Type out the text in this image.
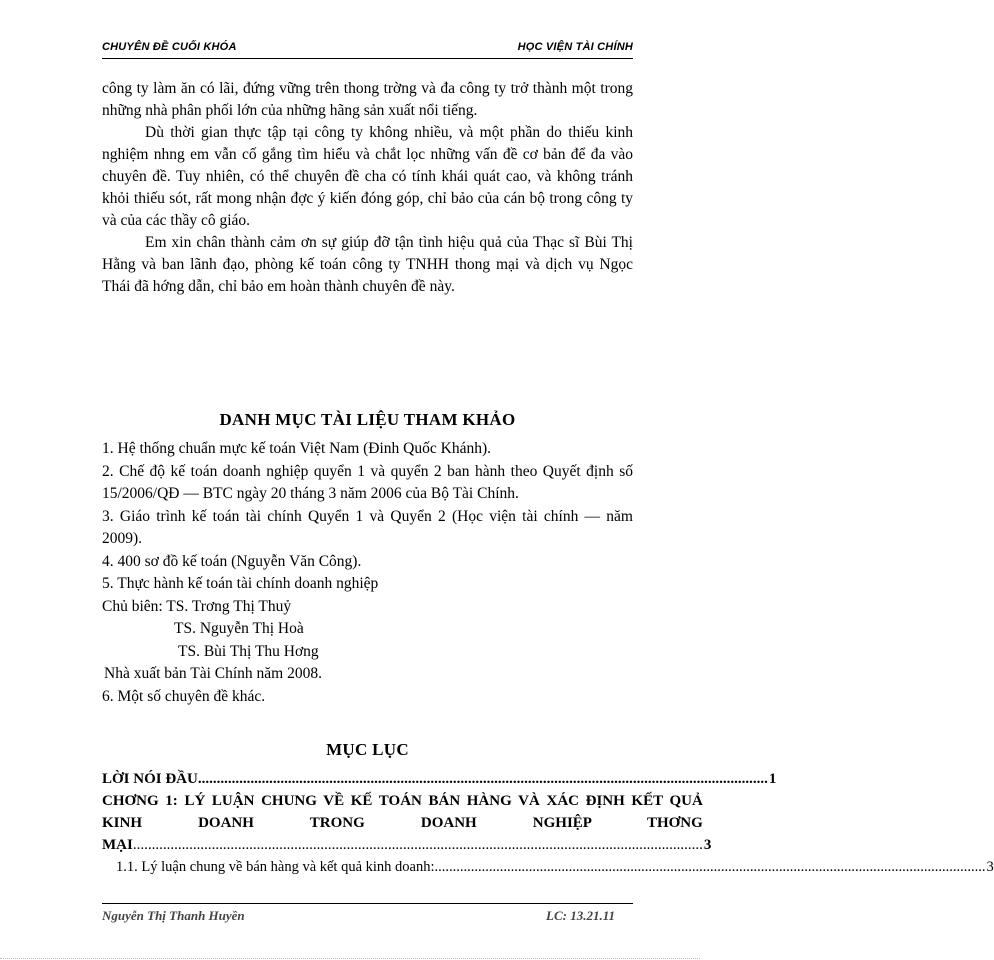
CHUYÊN ĐỀ CUỐI KHÓA	HỌC VIỆN TÀI CHÍNH

công ty làm ăn có lãi, đứng vững trên thong trờng và đa công ty trở thành một trong những nhà phân phối lớn của những hãng sản xuất nổi tiếng.

Dù thời gian thực tập tại công ty không nhiều, và một phần do thiếu kinh nghiệm nhng em vẫn cố gắng tìm hiểu và chắt lọc những vấn đề cơ bản để đa vào chuyên đề. Tuy nhiên, có thể chuyên đề cha có tính khái quát cao, và không tránh khỏi thiếu sót, rất mong nhận đợc ý kiến đóng góp, chỉ bảo của cán bộ trong công ty và của các thầy cô giáo.

Em xin chân thành cảm ơn sự giúp đỡ tận tình hiệu quả của Thạc sĩ Bùi Thị Hằng và ban lãnh đạo, phòng kế toán công ty TNHH thong mại và dịch vụ Ngọc Thái đã hớng dẫn, chỉ bảo em hoàn thành chuyên đề này.

DANH MỤC TÀI LIỆU THAM KHẢO
1. Hệ thống chuẩn mực kế toán Việt Nam (Đinh Quốc Khánh).
2. Chế độ kế toán doanh nghiệp quyển 1 và quyển 2 ban hành theo Quyết định số 15/2006/QĐ — BTC ngày 20 tháng 3 năm 2006 của Bộ Tài Chính.
3. Giáo trình kế toán tài chính Quyển 1 và Quyển 2 (Học viện tài chính — năm 2009).
4. 400 sơ đồ kế toán (Nguyễn Văn Công).
5. Thực hành kế toán tài chính doanh nghiệp
Chủ biên: TS. Trơng Thị Thuỷ
TS. Nguyễn Thị Hoà
TS. Bùi Thị Thu Hơng
Nhà xuất bản Tài Chính năm 2008.
6. Một số chuyên đề khác.
MỤC LỤC
LỜI NÓI ĐẦU ........................................................................................................................................................ 1
CHƠNG 1: LÝ LUẬN CHUNG VỀ KẾ TOÁN BÁN HÀNG VÀ XÁC ĐỊNH KẾT QUẢ KINH DOANH TRONG DOANH NGHIỆP THƠNG MẠI........................................................................................................................................................ 3
1.1. Lý luận chung về bán hàng và kết quả kinh doanh: ........................................................................................................................................................ 3
Nguyễn Thị Thanh Huyền	LC: 13.21.11
